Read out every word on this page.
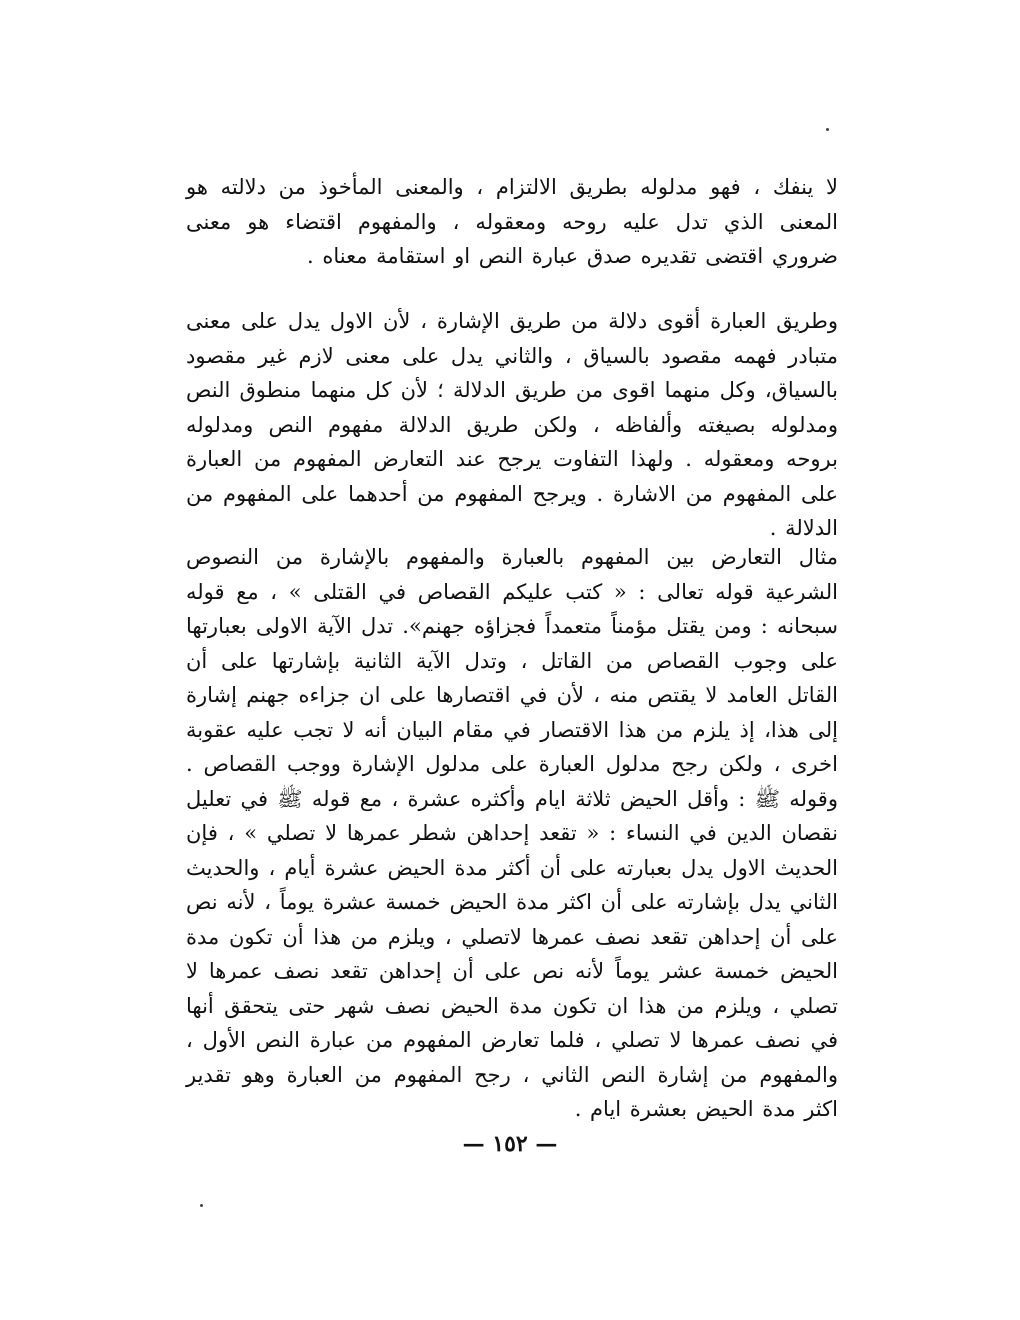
لا ينفك ، فهو مدلوله بطريق الالتزام ، والمعنى المأخوذ من دلالته هو المعنى الذي تدل عليه روحه ومعقوله ، والمفهوم اقتضاء هو معنى ضروري اقتضى تقديره صدق عبارة النص او استقامة معناه .

وطريق العبارة أقوى دلالة من طريق الإشارة ، لأن الاول يدل على معنى متبادر فهمه مقصود بالسياق ، والثاني يدل على معنى لازم غير مقصود بالسياق، وكل منهما اقوى من طريق الدلالة ؛ لأن كل منهما منطوق النص ومدلوله بصيغته وألفاظه ، ولكن طريق الدلالة مفهوم النص ومدلوله بروحه ومعقوله . ولهذا التفاوت يرجح عند التعارض المفهوم من العبارة على المفهوم من الاشارة . ويرجح المفهوم من أحدهما على المفهوم من الدلالة .

مثال التعارض بين المفهوم بالعبارة والمفهوم بالإشارة من النصوص الشرعية قوله تعالى : « كتب عليكم القصاص في القتلى » ، مع قوله سبحانه : ومن يقتل مؤمناً متعمداً فجزاؤه جهنم». تدل الآية الاولى بعبارتها على وجوب القصاص من القاتل ، وتدل الآية الثانية بإشارتها على أن القاتل العامد لا يقتص منه ، لأن في اقتصارها على ان جزاءه جهنم إشارة إلى هذا، إذ يلزم من هذا الاقتصار في مقام البيان أنه لا تجب عليه عقوبة اخرى ، ولكن رجح مدلول العبارة على مدلول الإشارة ووجب القصاص . وقوله ﷺ : وأقل الحيض ثلاثة ايام وأكثره عشرة ، مع قوله ﷺ في تعليل نقصان الدين في النساء : « تقعد إحداهن شطر عمرها لا تصلي » ، فإن الحديث الاول يدل بعبارته على أن أكثر مدة الحيض عشرة أيام ، والحديث الثاني يدل بإشارته على أن اكثر مدة الحيض خمسة عشرة يوماً ، لأنه نص على أن إحداهن تقعد نصف عمرها لاتصلي ، ويلزم من هذا أن تكون مدة الحيض خمسة عشر يوماً لأنه نص على أن إحداهن تقعد نصف عمرها لا تصلي ، ويلزم من هذا ان تكون مدة الحيض نصف شهر حتى يتحقق أنها في نصف عمرها لا تصلي ، فلما تعارض المفهوم من عبارة النص الأول ، والمفهوم من إشارة النص الثاني ، رجح المفهوم من العبارة وهو تقدير اكثر مدة الحيض بعشرة ايام .

— ١٥٢ —
